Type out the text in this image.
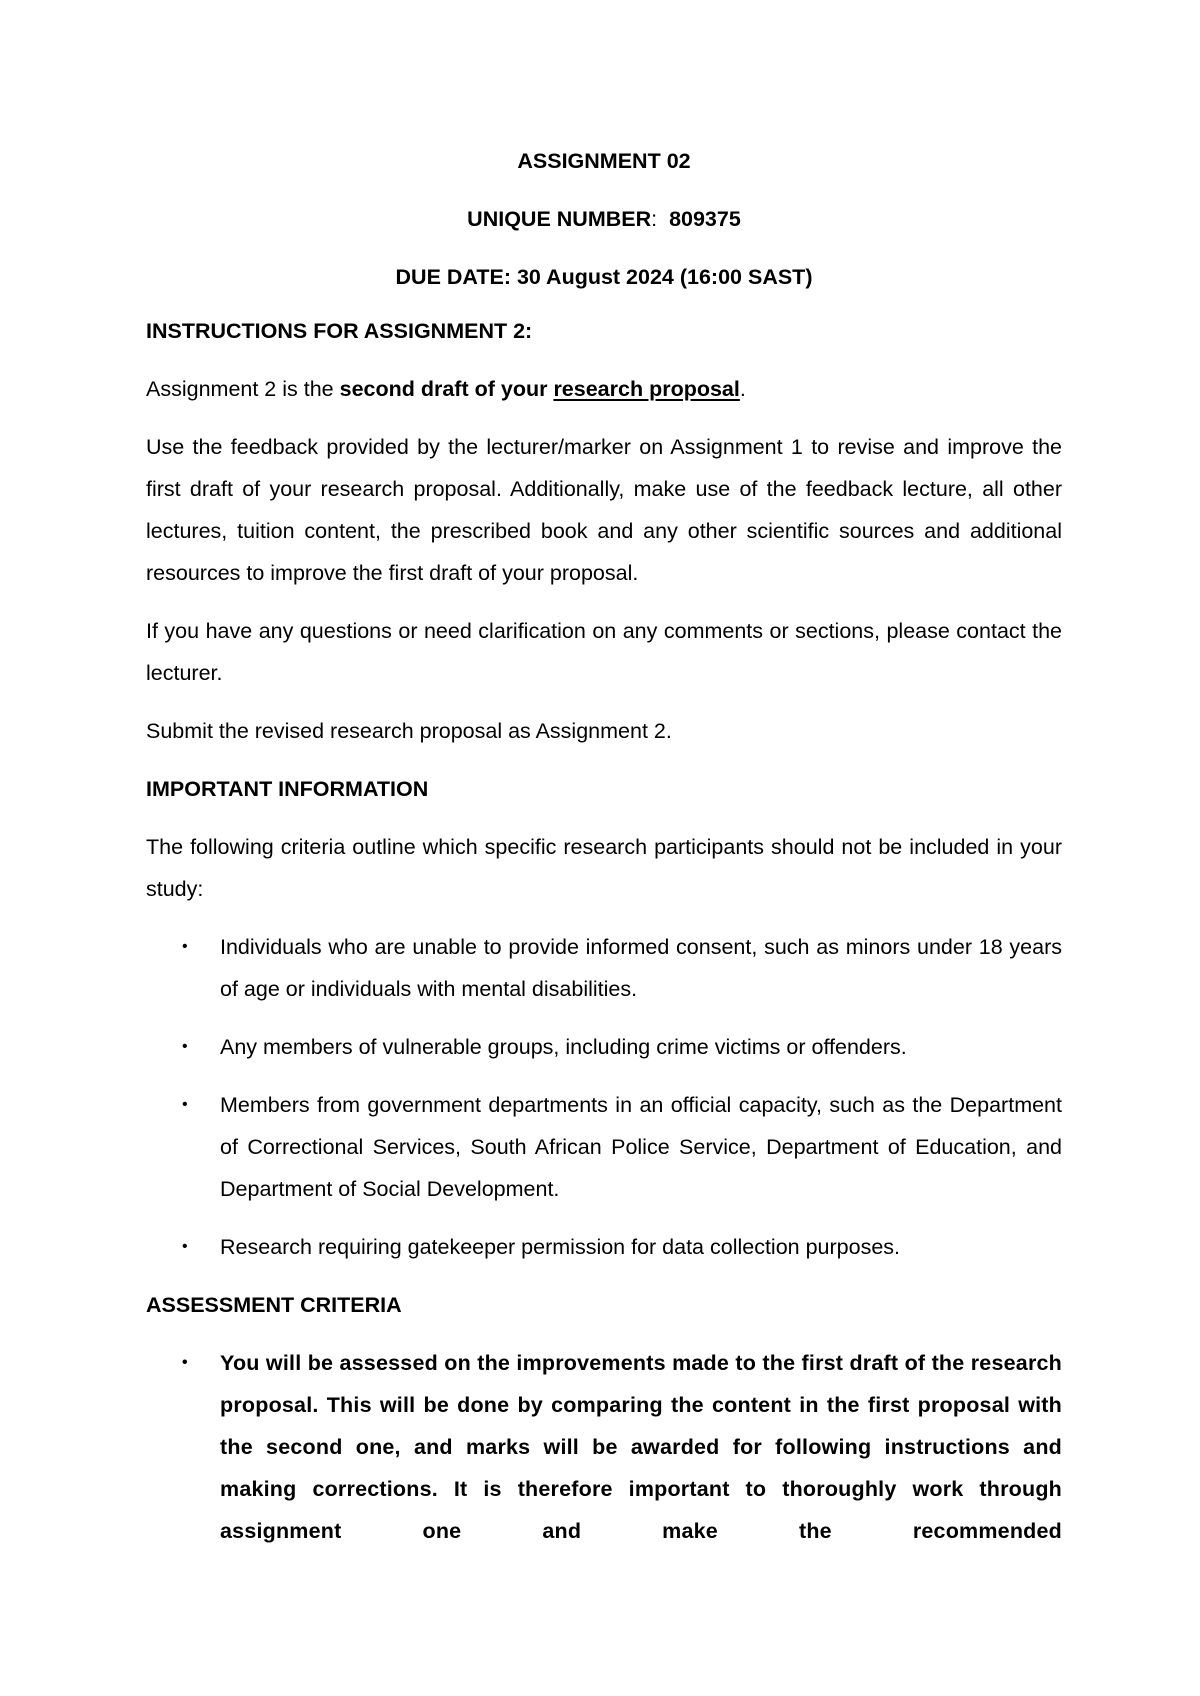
ASSIGNMENT 02
UNIQUE NUMBER: 809375
DUE DATE: 30 August 2024 (16:00 SAST)
INSTRUCTIONS FOR ASSIGNMENT 2:

Assignment 2 is the second draft of your research proposal.

Use the feedback provided by the lecturer/marker on Assignment 1 to revise and improve the first draft of your research proposal. Additionally, make use of the feedback lecture, all other lectures, tuition content, the prescribed book and any other scientific sources and additional resources to improve the first draft of your proposal.

If you have any questions or need clarification on any comments or sections, please contact the lecturer.

Submit the revised research proposal as Assignment 2.

IMPORTANT INFORMATION

The following criteria outline which specific research participants should not be included in your study:

• Individuals who are unable to provide informed consent, such as minors under 18 years of age or individuals with mental disabilities.
• Any members of vulnerable groups, including crime victims or offenders.
• Members from government departments in an official capacity, such as the Department of Correctional Services, South African Police Service, Department of Education, and Department of Social Development.
• Research requiring gatekeeper permission for data collection purposes.
ASSESSMENT CRITERIA
• You will be assessed on the improvements made to the first draft of the research proposal. This will be done by comparing the content in the first proposal with the second one, and marks will be awarded for following instructions and making corrections. It is therefore important to thoroughly work through assignment one and make the recommended
